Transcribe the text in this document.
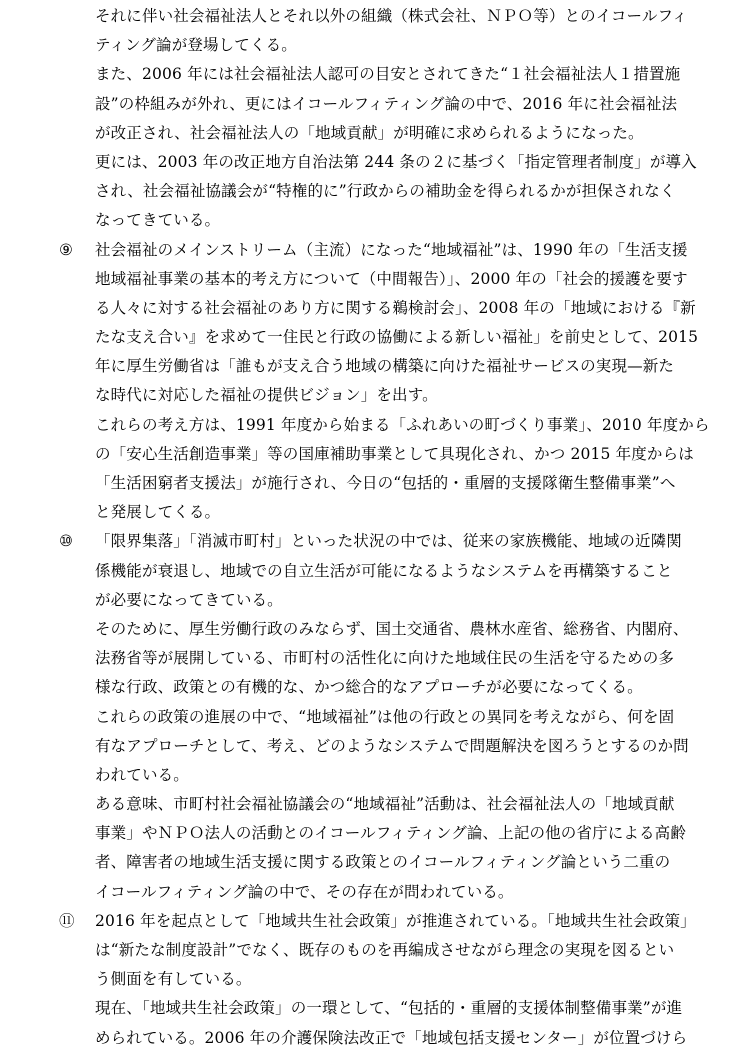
それに伴い社会福祉法人とそれ以外の組織（株式会社、ＮＰＯ等）とのイコールフィ
ティング論が登場してくる。
また、2006 年には社会福祉法人認可の目安とされてきた“１社会福祉法人１措置施
設”の枠組みが外れ、更にはイコールフィティング論の中で、2016 年に社会福祉法
が改正され、社会福祉法人の「地域貢献」が明確に求められるようになった。
更には、2003 年の改正地方自治法第 244 条の２に基づく「指定管理者制度」が導入
され、社会福祉協議会が“特権的に”行政からの補助金を得られるかが担保されなく
なってきている。
⑨	社会福祉のメインストリーム（主流）になった“地域福祉”は、1990 年の「生活支援
地域福祉事業の基本的考え方について（中間報告）」、2000 年の「社会的援護を要す
る人々に対する社会福祉のあり方に関する鵜検討会」、2008 年の「地域における『新
たな支え合い』を求めて一住民と行政の協働による新しい福祉」を前史として、2015
年に厚生労働省は「誰もが支え合う地域の構築に向けた福祉サービスの実現—新た
な時代に対応した福祉の提供ビジョン」を出す。
これらの考え方は、1991 年度から始まる「ふれあいの町づくり事業」、2010 年度から
の「安心生活創造事業」等の国庫補助事業として具現化され、かつ 2015 年度からは
「生活困窮者支援法」が施行され、今日の“包括的・重層的支援隊衛生整備事業”へ
と発展してくる。
⑩	「限界集落」「消滅市町村」といった状況の中では、従来の家族機能、地域の近隣関
係機能が衰退し、地域での自立生活が可能になるようなシステムを再構築すること
が必要になってきている。
そのために、厚生労働行政のみならず、国土交通省、農林水産省、総務省、内閣府、
法務省等が展開している、市町村の活性化に向けた地域住民の生活を守るための多
様な行政、政策との有機的な、かつ総合的なアプローチが必要になってくる。
これらの政策の進展の中で、“地域福祉”は他の行政との異同を考えながら、何を固
有なアプローチとして、考え、どのようなシステムで問題解決を図ろうとするのか問
われている。
ある意味、市町村社会福祉協議会の“地域福祉”活動は、社会福祉法人の「地域貢献
事業」やＮＰＯ法人の活動とのイコールフィティング論、上記の他の省庁による高齢
者、障害者の地域生活支援に関する政策とのイコールフィティング論という二重の
イコールフィティング論の中で、その存在が問われている。
⑪	2016 年を起点として「地域共生社会政策」が推進されている。「地域共生社会政策」
は“新たな制度設計”でなく、既存のものを再編成させながら理念の実現を図るとい
う側面を有している。
現在、「地域共生社会政策」の一環として、“包括的・重層的支援体制整備事業”が進
められている。2006 年の介護保険法改正で「地域包括支援センター」が位置づけら
